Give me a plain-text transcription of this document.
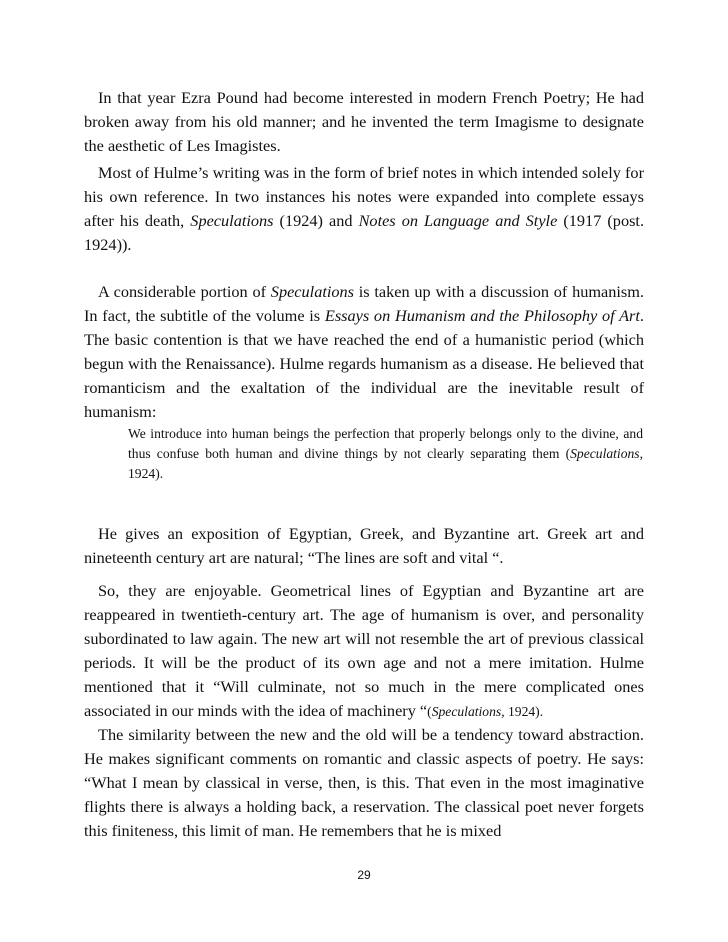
In that year Ezra Pound had become interested in modern French Poetry; He had broken away from his old manner; and he invented the term Imagisme to designate the aesthetic of Les Imagistes.

Most of Hulme’s writing was in the form of brief notes in which intended solely for his own reference. In two instances his notes were expanded into complete essays after his death, Speculations (1924) and Notes on Language and Style (1917 (post. 1924)).

A considerable portion of Speculations is taken up with a discussion of humanism. In fact, the subtitle of the volume is Essays on Humanism and the Philosophy of Art. The basic contention is that we have reached the end of a humanistic period (which begun with the Renaissance). Hulme regards humanism as a disease. He believed that romanticism and the exaltation of the individual are the inevitable result of humanism:

We introduce into human beings the perfection that properly belongs only to the divine, and thus confuse both human and divine things by not clearly separating them (Speculations, 1924).

He gives an exposition of Egyptian, Greek, and Byzantine art. Greek art and nineteenth century art are natural; “The lines are soft and vital “.

So, they are enjoyable. Geometrical lines of Egyptian and Byzantine art are reappeared in twentieth-century art. The age of humanism is over, and personality subordinated to law again. The new art will not resemble the art of previous classical periods. It will be the product of its own age and not a mere imitation. Hulme mentioned that it “Will culminate, not so much in the mere complicated ones associated in our minds with the idea of machinery “(Speculations, 1924).

The similarity between the new and the old will be a tendency toward abstraction. He makes significant comments on romantic and classic aspects of poetry. He says: “What I mean by classical in verse, then, is this. That even in the most imaginative flights there is always a holding back, a reservation. The classical poet never forgets this finiteness, this limit of man. He remembers that he is mixed

29
